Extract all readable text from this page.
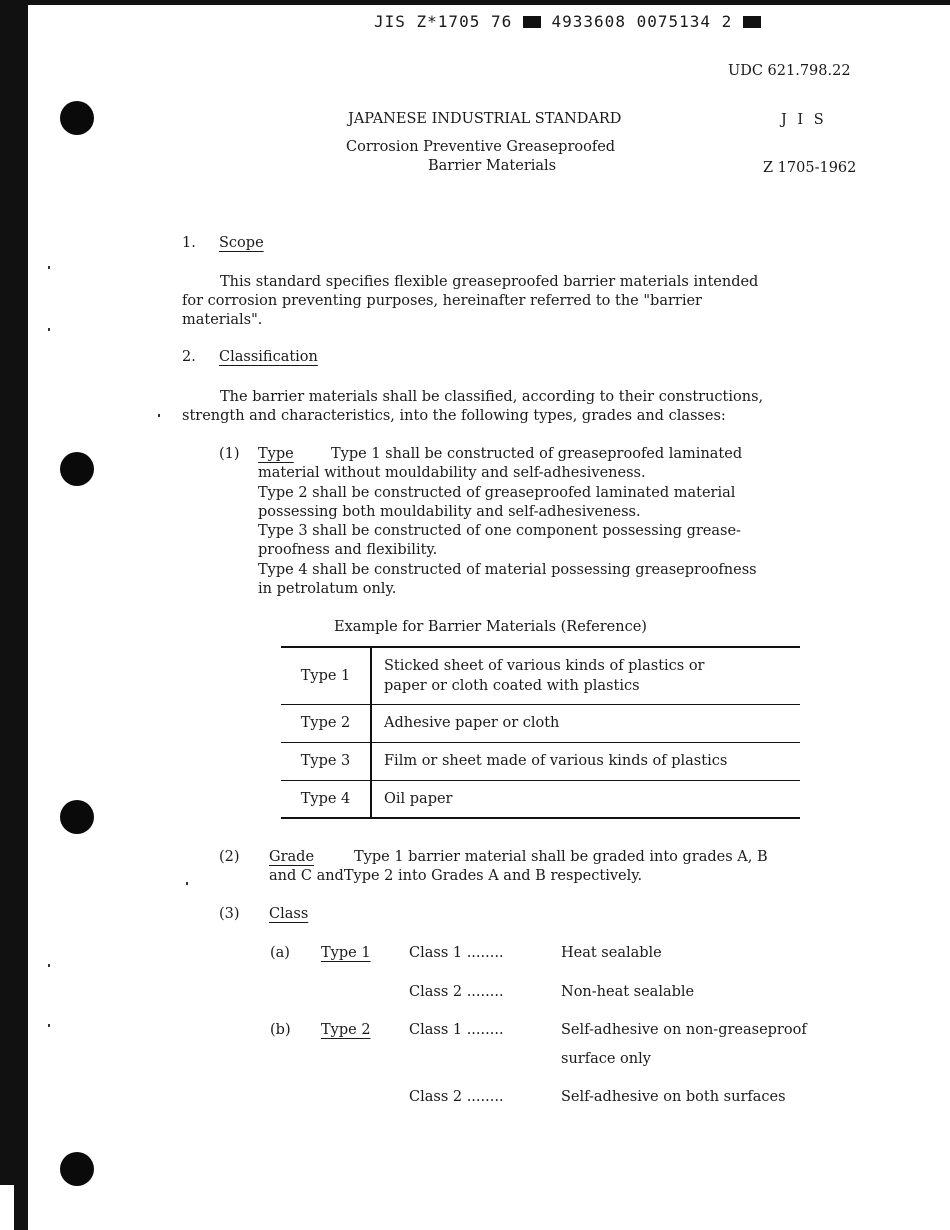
JIS Z*1705 76 4933608 0075134 2
UDC 621.798.22
JAPANESE INDUSTRIAL STANDARD	J I S
Corrosion Preventive Greaseproofed
Barrier Materials	Z 1705-1962
1. Scope
This standard specifies flexible greaseproofed barrier materials intended
for corrosion preventing purposes, hereinafter referred to the "barrier
materials".
2. Classification
The barrier materials shall be classified, according to their constructions,
strength and characteristics, into the following types, grades and classes:
(1) Type	Type 1 shall be constructed of greaseproofed laminated
material without mouldability and self-adhesiveness.
Type 2 shall be constructed of greaseproofed laminated material
possessing both mouldability and self-adhesiveness.
Type 3 shall be constructed of one component possessing grease-
proofness and flexibility.
Type 4 shall be constructed of material possessing greaseproofness
in petrolatum only.
Example for Barrier Materials (Reference)
Type 1	Sticked sheet of various kinds of plastics or
paper or cloth coated with plastics

Type 2	Adhesive paper or cloth
Type 3	Film or sheet made of various kinds of plastics
Type 4	Oil paper
(2) Grade	Type 1 barrier material shall be graded into grades A, B
and C andType 2 into Grades A and B respectively.
(3) Class
(a) Type 1	Class 1 ........	Heat sealable
Class 2 ........	Non-heat sealable
(b) Type 2	Class 1 ........	Self-adhesive on non-greaseproof
surface only
Class 2 ........	Self-adhesive on both surfaces
